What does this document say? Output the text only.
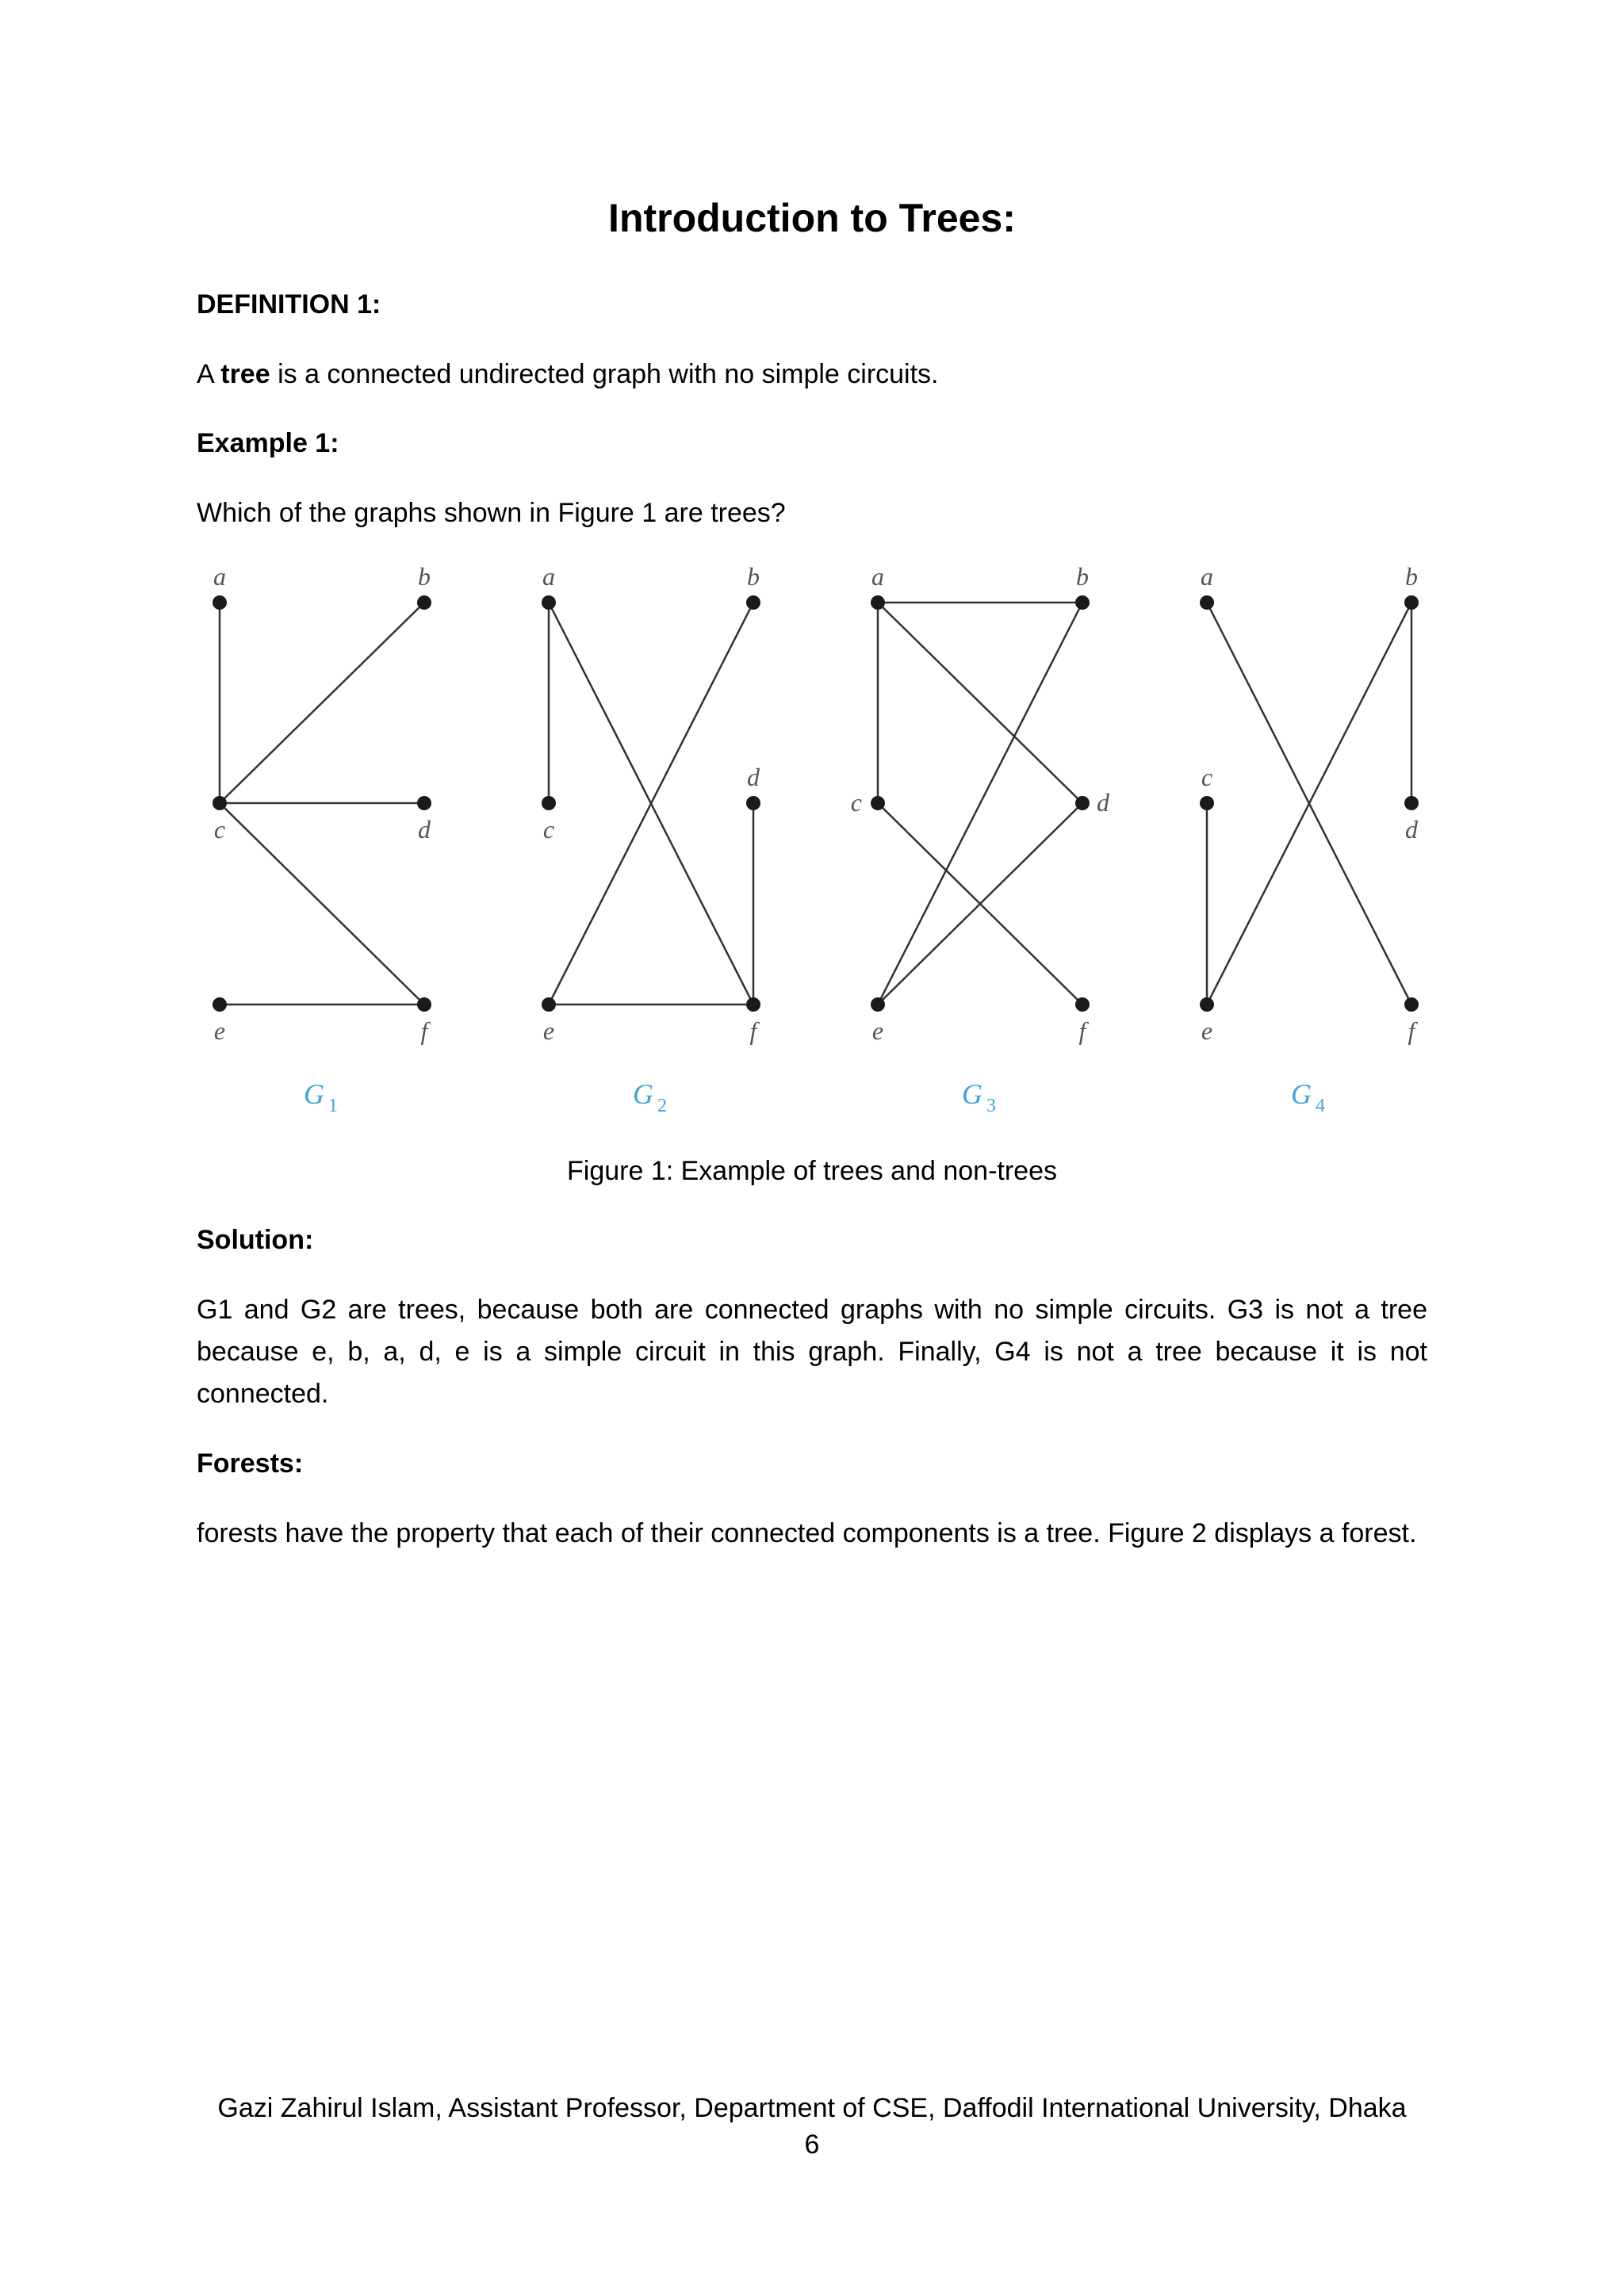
Introduction to Trees:
DEFINITION 1:
A tree is a connected undirected graph with no simple circuits.
Example 1:
Which of the graphs shown in Figure 1 are trees?
a	b
c	d
e	f
G 1
a	b
c
d
e	f
G 2
a	b
c	d
e	f
G 3
a	b
c
d
e	f
G 4
Figure 1: Example of trees and non-trees
Solution:
G1 and G2 are trees, because both are connected graphs with no simple circuits. G3 is not a tree because e, b, a, d, e is a simple circuit in this graph. Finally, G4 is not a tree because it is not connected.
Forests:
forests have the property that each of their connected components is a tree. Figure 2 displays a forest.
Gazi Zahirul Islam, Assistant Professor, Department of CSE, Daffodil International University, Dhaka
6
